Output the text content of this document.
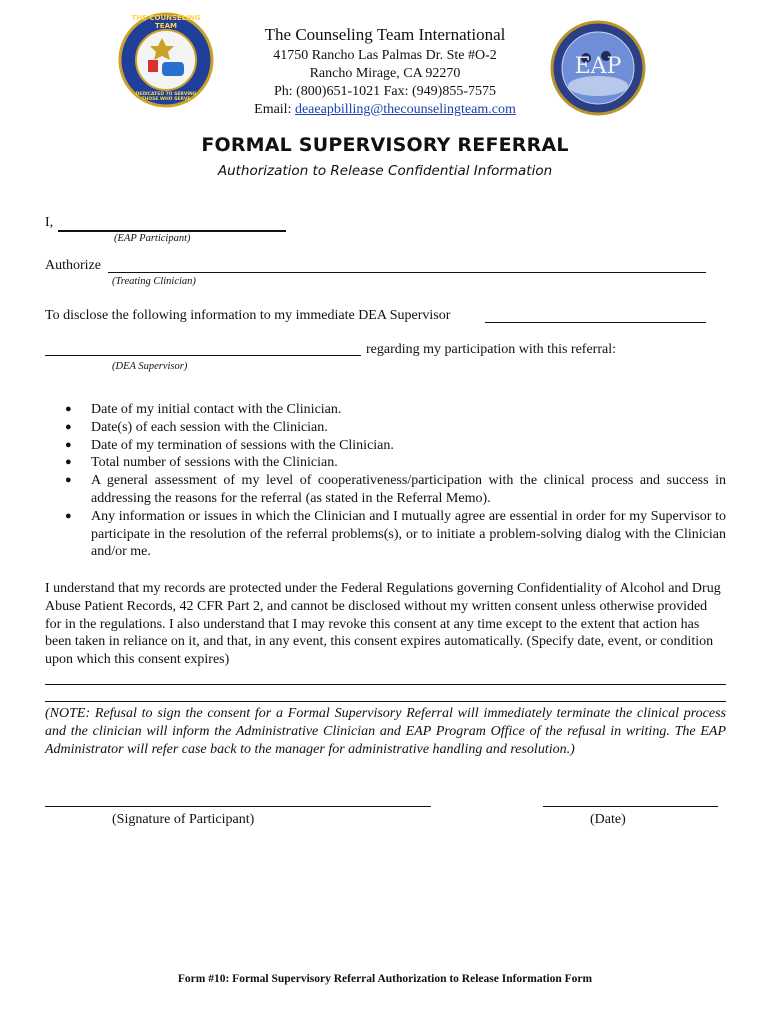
THE COUNSELING TEAM
DEDICATED TO SERVING THOSE WHO SERVE
The Counseling Team International
41750 Rancho Las Palmas Dr. Ste #O-2
Rancho Mirage, CA 92270
Ph: (800)651-1021 Fax: (949)855-7575
Email: deaeapbilling@thecounselingteam.com
EAP
FORMAL SUPERVISORY REFERRAL
Authorization to Release Confidential Information
I,
(EAP Participant)
Authorize
(Treating Clinician)
To disclose the following information to my immediate DEA Supervisor
regarding my participation with this referral:
(DEA Supervisor)
● Date of my initial contact with the Clinician.
● Date(s) of each session with the Clinician.
● Date of my termination of sessions with the Clinician.
● Total number of sessions with the Clinician.
● A general assessment of my level of cooperativeness/participation with the clinical process and success in addressing the reasons for the referral (as stated in the Referral Memo).
● Any information or issues in which the Clinician and I mutually agree are essential in order for my Supervisor to participate in the resolution of the referral problems(s), or to initiate a problem-solving dialog with the Clinician and/or me.
I understand that my records are protected under the Federal Regulations governing Confidentiality of Alcohol and Drug Abuse Patient Records, 42 CFR Part 2, and cannot be disclosed without my written consent unless otherwise provided for in the regulations. I also understand that I may revoke this consent at any time except to the extent that action has been taken in reliance on it, and that, in any event, this consent expires automatically. (Specify date, event, or condition upon which this consent expires)
(NOTE: Refusal to sign the consent for a Formal Supervisory Referral will immediately terminate the clinical process and the clinician will inform the Administrative Clinician and EAP Program Office of the refusal in writing. The EAP Administrator will refer case back to the manager for administrative handling and resolution.)
(Signature of Participant)	(Date)
Form #10: Formal Supervisory Referral Authorization to Release Information Form
